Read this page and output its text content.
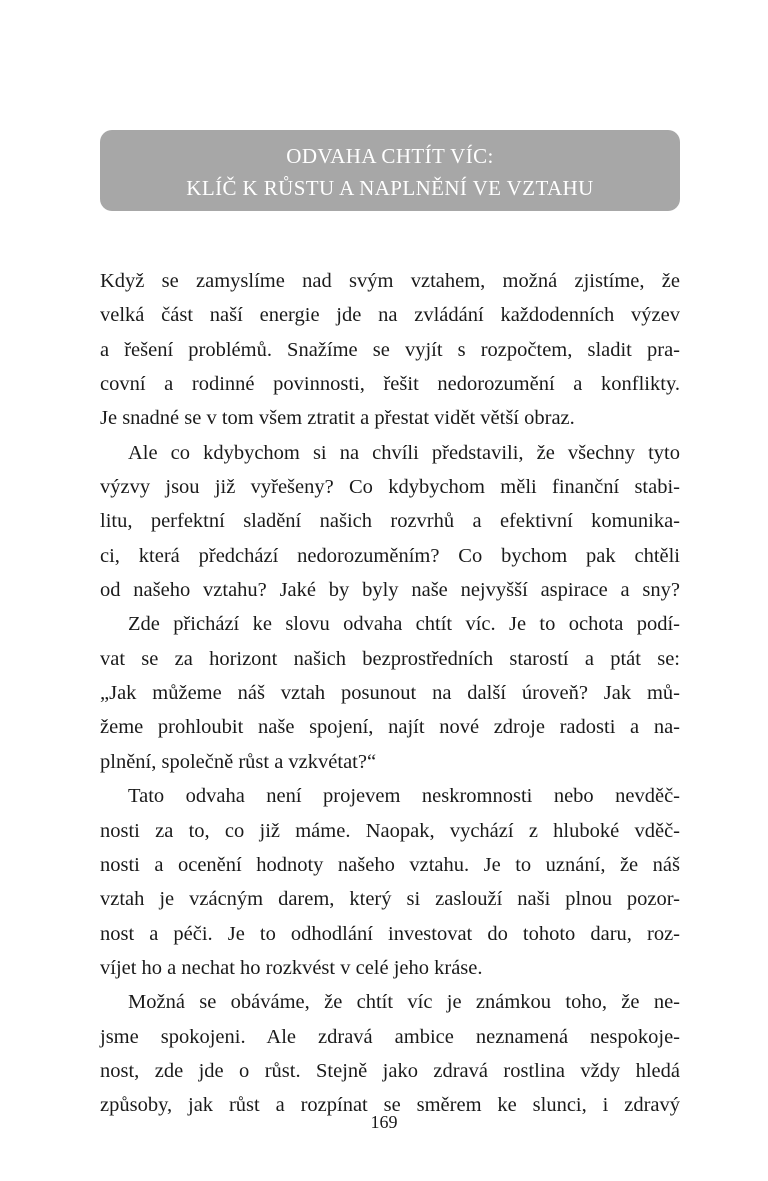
ODVAHA CHTÍT VÍC:
KLÍČ K RŮSTU A NAPLNĚNÍ VE VZTAHU
Když se zamyslíme nad svým vztahem, možná zjistíme, že
velká část naší energie jde na zvládání každodenních výzev
a řešení problémů. Snažíme se vyjít s rozpočtem, sladit pra-
covní a rodinné povinnosti, řešit nedorozumění a konflikty.
Je snadné se v tom všem ztratit a přestat vidět větší obraz.
Ale co kdybychom si na chvíli představili, že všechny tyto
výzvy jsou již vyřešeny? Co kdybychom měli finanční stabi-
litu, perfektní sladění našich rozvrhů a efektivní komunika-
ci, která předchází nedorozuměním? Co bychom pak chtěli
od našeho vztahu? Jaké by byly naše nejvyšší aspirace a sny?
Zde přichází ke slovu odvaha chtít víc. Je to ochota podí-
vat se za horizont našich bezprostředních starostí a ptát se:
„Jak můžeme náš vztah posunout na další úroveň? Jak mů-
žeme prohloubit naše spojení, najít nové zdroje radosti a na-
plnění, společně růst a vzkvétat?“
Tato odvaha není projevem neskromnosti nebo nevděč-
nosti za to, co již máme. Naopak, vychází z hluboké vděč-
nosti a ocenění hodnoty našeho vztahu. Je to uznání, že náš
vztah je vzácným darem, který si zaslouží naši plnou pozor-
nost a péči. Je to odhodlání investovat do tohoto daru, roz-
víjet ho a nechat ho rozkvést v celé jeho kráse.
Možná se obáváme, že chtít víc je známkou toho, že ne-
jsme spokojeni. Ale zdravá ambice neznamená nespokoje-
nost, zde jde o růst. Stejně jako zdravá rostlina vždy hledá
způsoby, jak růst a rozpínat se směrem ke slunci, i zdravý
169
